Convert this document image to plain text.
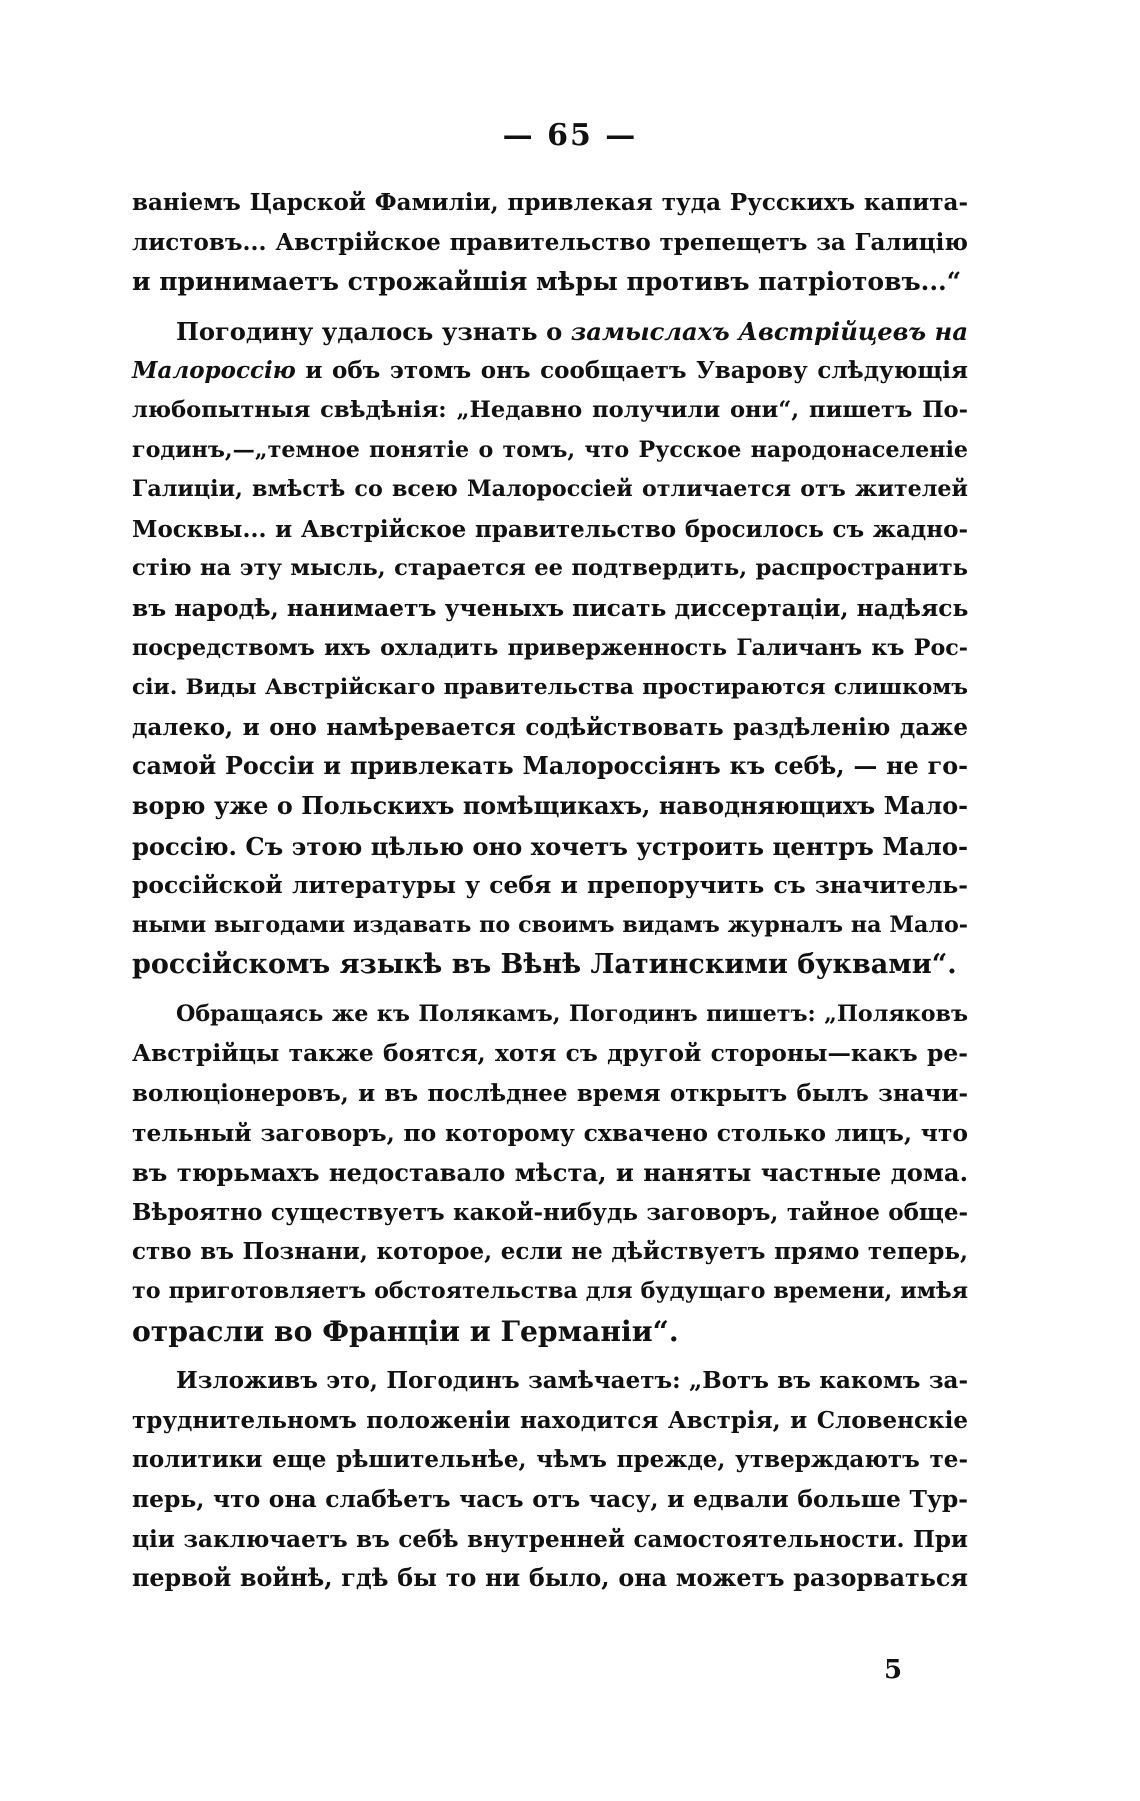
— 65 —
ваніемъ Царской Фамиліи, привлекая туда Русскихъ капита-
листовъ... Австрійское правительство трепещетъ за Галицію
и принимаетъ строжайшія мѣры противъ патріотовъ...“
Погодину удалось узнать о замыслахъ Австрійцевъ на
Малороссію и объ этомъ онъ сообщаетъ Уварову слѣдующія
любопытныя свѣдѣнія: „Недавно получили они“, пишетъ По-
годинъ,—„темное понятіе о томъ, что Русское народонаселеніе
Галиціи, вмѣстѣ со всею Малороссіей отличается отъ жителей
Москвы... и Австрійское правительство бросилось съ жадно-
стію на эту мысль, старается ее подтвердить, распространить
въ народѣ, нанимаетъ ученыхъ писать диссертаціи, надѣясь
посредствомъ ихъ охладить приверженность Галичанъ къ Рос-
сіи. Виды Австрійскаго правительства простираются слишкомъ
далеко, и оно намѣревается содѣйствовать раздѣленію даже
самой Россіи и привлекать Малороссіянъ къ себѣ, — не го-
ворю уже о Польскихъ помѣщикахъ, наводняющихъ Мало-
россію. Съ этою цѣлью оно хочетъ устроить центръ Мало-
россійской литературы у себя и препоручить съ значитель-
ными выгодами издавать по своимъ видамъ журналъ на Мало-
россійскомъ языкѣ въ Вѣнѣ Латинскими буквами“.
Обращаясь же къ Полякамъ, Погодинъ пишетъ: „Поляковъ
Австрійцы также боятся, хотя съ другой стороны—какъ ре-
волюціонеровъ, и въ послѣднее время открытъ былъ значи-
тельный заговоръ, по которому схвачено столько лицъ, что
въ тюрьмахъ недоставало мѣста, и наняты частные дома.
Вѣроятно существуетъ какой-нибудь заговоръ, тайное обще-
ство въ Познани, которое, если не дѣйствуетъ прямо теперь,
то приготовляетъ обстоятельства для будущаго времени, имѣя
отрасли во Франціи и Германіи“.
Изложивъ это, Погодинъ замѣчаетъ: „Вотъ въ какомъ за-
труднительномъ положеніи находится Австрія, и Словенскіе
политики еще рѣшительнѣе, чѣмъ прежде, утверждаютъ те-
перь, что она слабѣетъ часъ отъ часу, и едвали больше Тур-
ціи заключаетъ въ себѣ внутренней самостоятельности. При
первой войнѣ, гдѣ бы то ни было, она можетъ разорваться
5
